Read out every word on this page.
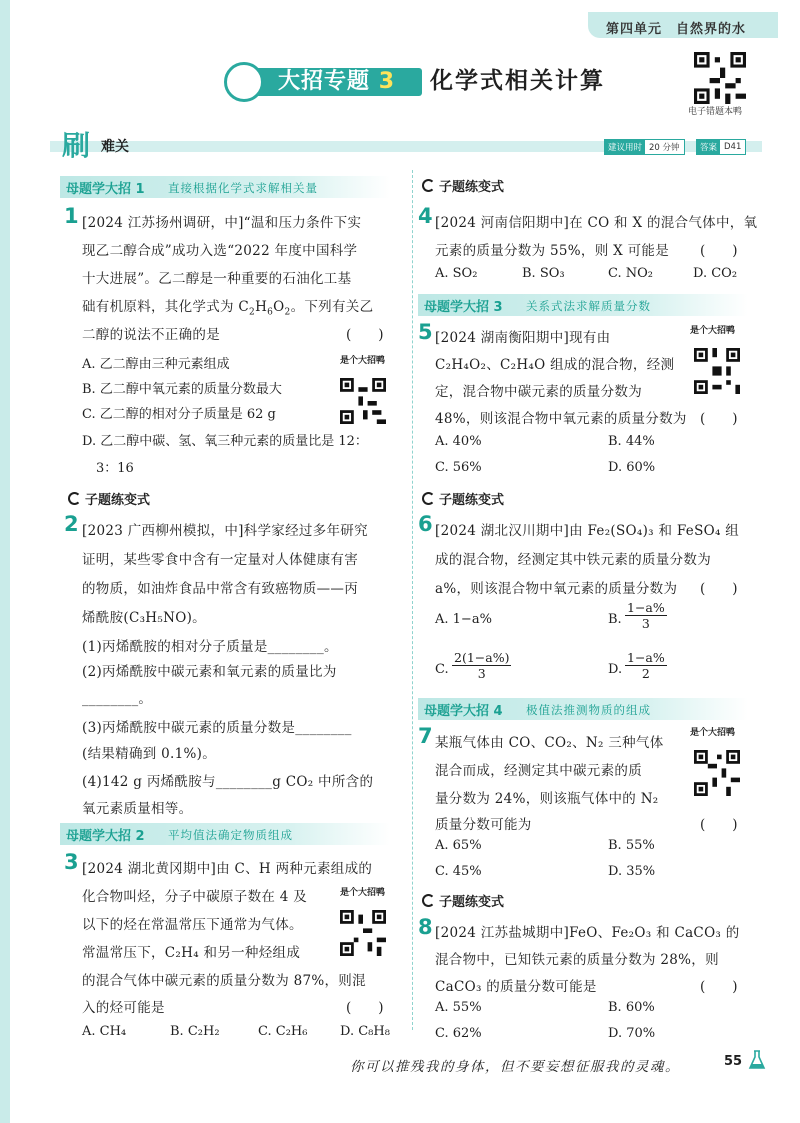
第四单元　自然界的水
大招专题 3 化学式相关计算
电子错题本鸭
刷 难关	建议用时 20 分钟	答案 D41
母题学大招 1 直接根据化学式求解相关量
1 [2024 江苏扬州调研，中]“温和压力条件下实
现乙二醇合成”成功入选“2022 年度中国科学
十大进展”。乙二醇是一种重要的石油化工基
础有机原料，其化学式为 $C_2H_6O_2$。下列有关乙
二醇的说法不正确的是	(　　)
A. 乙二醇由三种元素组成
B. 乙二醇中氧元素的质量分数最大
C. 乙二醇的相对分子质量是 62 g
D. 乙二醇中碳、氢、氧三种元素的质量比是 12：
3：16
是个大招鸭
子题练变式
2 [2023 广西柳州模拟，中]科学家经过多年研究
证明，某些零食中含有一定量对人体健康有害
的物质，如油炸食品中常含有致癌物质——丙
烯酰胺(C₃H₅NO)。
(1)丙烯酰胺的相对分子质量是________。
(2)丙烯酰胺中碳元素和氧元素的质量比为
________。
(3)丙烯酰胺中碳元素的质量分数是________
(结果精确到 0.1%)。
(4)142 g 丙烯酰胺与________g CO₂ 中所含的
氧元素质量相等。
母题学大招 2 平均值法确定物质组成
3 [2024 湖北黄冈期中]由 C、H 两种元素组成的
化合物叫烃，分子中碳原子数在 4 及
以下的烃在常温常压下通常为气体。
常温常压下，C₂H₄ 和另一种烃组成
的混合气体中碳元素的质量分数为 87%，则混
入的烃可能是	(　　)
A. CH₄	B. C₂H₂	C. C₂H₆	D. C₈H₈
是个大招鸭
子题练变式
4 [2024 河南信阳期中]在 CO 和 X 的混合气体中，氧
元素的质量分数为 55%，则 X 可能是 (　　)
A. SO₂	B. SO₃	C. NO₂	D. CO₂
母题学大招 3 关系式法求解质量分数
5 [2024 湖南衡阳期中]现有由
C₂H₄O₂、C₂H₄O 组成的混合物，经测
定，混合物中碳元素的质量分数为
48%，则该混合物中氧元素的质量分数为 (　　)
A. 40%	B. 44%
C. 56%	D. 60%
是个大招鸭
子题练变式
6 [2024 湖北汉川期中]由 Fe₂(SO₄)₃ 和 FeSO₄ 组
成的混合物，经测定其中铁元素的质量分数为
a%，则该混合物中氧元素的质量分数为 (　　)
A. 1−a%	B. $\frac{1-a\%}{3}$
C. $\frac{2(1-a\%)}{3}$	D. $\frac{1-a\%}{2}$
母题学大招 4 极值法推测物质的组成
7 某瓶气体由 CO、CO₂、N₂ 三种气体
混合而成，经测定其中碳元素的质
量分数为 24%，则该瓶气体中的 N₂
质量分数可能为	(　　)
A. 65%	B. 55%
C. 45%	D. 35%
是个大招鸭
子题练变式
8 [2024 江苏盐城期中]FeO、Fe₂O₃ 和 CaCO₃ 的
混合物中，已知铁元素的质量分数为 28%，则
CaCO₃ 的质量分数可能是	(　　)
A. 55%	B. 60%
C. 62%	D. 70%
你可以推残我的身体，但不要妄想征服我的灵魂。	55
